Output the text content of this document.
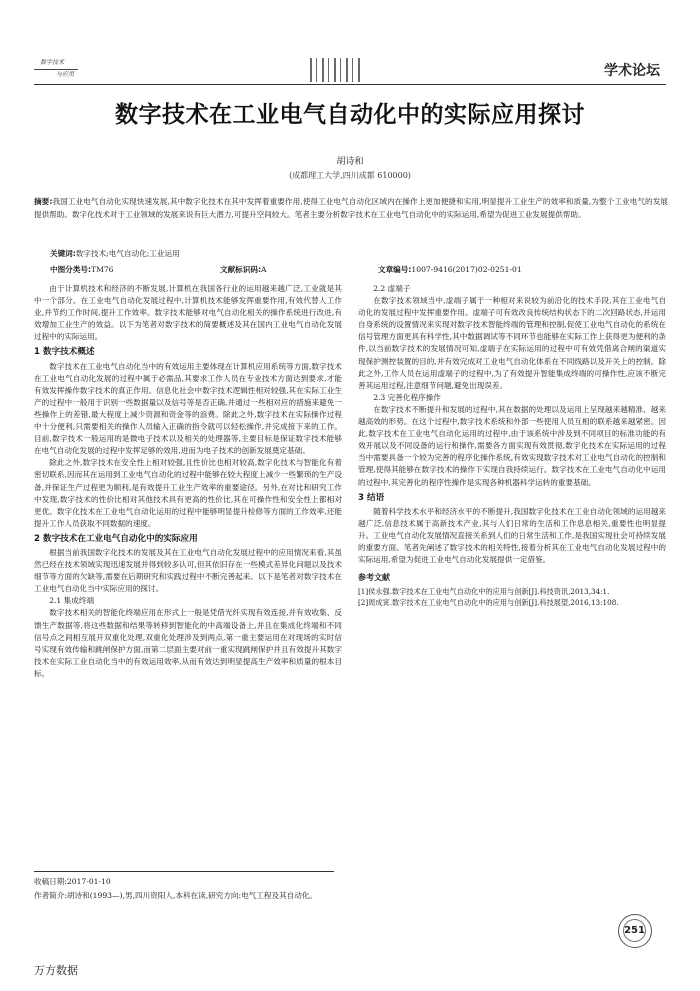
数字技术
与应用	学术论坛
数字技术在工业电气自动化中的实际应用探讨
胡诗和
(成都理工大学,四川成都 610000)
摘要:我国工业电气自动化实现快速发展,其中数字化技术在其中发挥着重要作用,使得工业电气自动化区域内在操作上更加便捷和实用,明显提升工业生产的效率和质量,为整个工业电气的发展提供帮助。数字化技术对于工业领域的发展来说有巨大潜力,可提升空间较大。笔者主要分析数字技术在工业电气自动化中的实际运用,希望为促进工业发展提供帮助。
关键词:数字技术;电气自动化;工业运用
中图分类号:TM76	文献标识码:A	文章编号:1007-9416(2017)02-0251-01

由于计算机技术和经济的不断发展,计算机在我国各行业的运用越来越广泛,工业就是其中一个部分。在工业电气自动化发展过程中,计算机技术能够发挥重要作用,有效代替人工作业,并节约工作时间,提升工作效率。数字技术能够对电气自动化相关的操作系统进行改进,有效增加工业生产的效益。以下为笔者对数字技术的简要概述及其在国内工业电气自动化发展过程中的实际运用。

1 数字技术概述

数字技术在工业电气自动化当中的有效运用主要体现在计算机应用系统等方面,数字技术在工业电气自动化发展的过程中属于必需品,其要求工作人员在专业技术方面达到要求,才能有效发挥操作数字技术的真正作用。信息化社会中数字技术逻辑性相对较强,其在实际工业生产的过程中一般用于识别一些数据量以及信号等是否正确,并通过一些相对应的措施来避免一些操作上的差错,最大程度上减少资源和资金等的浪费。除此之外,数字技术在实际操作过程中十分便利,只需要相关的操作人员输入正确的指令就可以轻松操作,并完成接下来的工作。目前,数字技术一般运用的是微电子技术以及相关的处理器等,主要目标是保证数字技术能够在电气自动化发展的过程中发挥足够的效用,进而为电子技术的创新发展奠定基础。

除此之外,数字技术在安全性上相对较强,且性价比也相对较高,数字化技术与智能化有着密切联系,因而其在运用到工业电气自动化的过程中能够在较大程度上减少一些繁琐的生产设备,并保证生产过程更为顺利,是有效提升工业生产效率的重要途径。另外,在对比和研究工作中发现,数字技术的性价比相对其他技术具有更高的性价比,其在可操作性和安全性上都相对更优。数字化技术在工业电气自动化运用的过程中能够明显提升检修等方面的工作效率,还能提升工作人员获取不同数据的速度。

2 数字技术在工业电气自动化中的实际应用

根据当前我国数字化技术的发展及其在工业电气自动化发展过程中的应用情况来看,其虽然已经在技术领域实现迅速发展并得到较多认可,但其依旧存在一些模式差异化问题以及技术细节等方面的欠缺等,需要在后期研究和实践过程中不断完善起来。以下是笔者对数字技术在工业电气自动化当中实际应用的探讨。

2.1 集成终端

数字技术相关的智能化终端应用在形式上一般是凭借光纤实现有效连接,并有效收集、反馈生产数据等,将这些数据和结果等转移到智能化的中高端设备上,并且在集成化终端和不同信号点之间相互展开双重化处理,双重化处理涉及到两点,第一重主要运用在对现场的实时信号实现有效传输和跳闸保护方面,而第二层面主要对前一重实现跳闸保护并且有效提升其数字技术在实际工业自动化当中的有效运用效率,从而有效达到明显提高生产效率和质量的根本目标。

2.2 虚端子

在数字技术领域当中,虚端子属于一种相对来说较为前沿化的技术手段,其在工业电气自动化的发展过程中发挥重要作用。虚端子可有效改良传统结构状态下的二次回路状态,并运用自身系统的设置情况来实现对数字技术智能终端的管理和控制,促使工业电气自动化的系统在信号管理方面更具有科学性,其中数据调试等不同环节也能够在实际工作上获得更为便利的条件,以当前数字技术的发展情况可知,虚端子在实际运用的过程中可有效凭借离合闸的渠道实现保护测控装置的目的,并有效完成对工业电气自动化体系在不同线路以及开关上的控制。除此之外,工作人员在运用虚端子的过程中,为了有效提升智能集成终端的可操作性,应该不断完善其运用过程,注意细节问题,避免出现误差。

2.3 完善化程序操作

在数字技术不断提升和发展的过程中,其在数据的处理以及运用上呈现越来越精准、越来越高效的形势。在这个过程中,数字技术系统和外部一些使用人员互相的联系越来越紧密。因此,数字技术在工业电气自动化运用的过程中,由于该系统中涉及到不同项目的标准功能的有效开展以及不同设备的运行和操作,需要各方面实现有效贯彻,数字化技术在实际运用的过程当中需要具备一个较为完善的程序化操作系统,有效实现数字技术对工业电气自动化的控制和管理,使得其能够在数字技术的操作下实现自我持续运行。数字技术在工业电气自动化中运用的过程中,其完善化的程序性操作是实现各种机器科学运转的重要基础。

3 结语

随着科学技术水平和经济水平的不断提升,我国数字化技术在工业自动化领域的运用越来越广泛,信息技术属于高新技术产业,其与人们日常的生活和工作息息相关,重要性也明显提升。工业电气自动化发展情况直接关系到人们的日常生活和工作,是我国实现社会可持续发展的重要方面。笔者先阐述了数字技术的相关特性,接着分析其在工业电气自动化发展过程中的实际运用,希望为促进工业电气自动化发展提供一定借鉴。

参考文献

[1]侯永强.数字技术在工业电气自动化中的应用与创新[J].科技资讯,2013,34:1.

[2]周成寅.数字技术在工业电气自动化中的应用与创新[J].科技展望,2016,13:108.

收稿日期:2017-01-10
作者简介:胡诗和(1993—),男,四川资阳人,本科在读,研究方向:电气工程及其自动化。
251
万方数据
